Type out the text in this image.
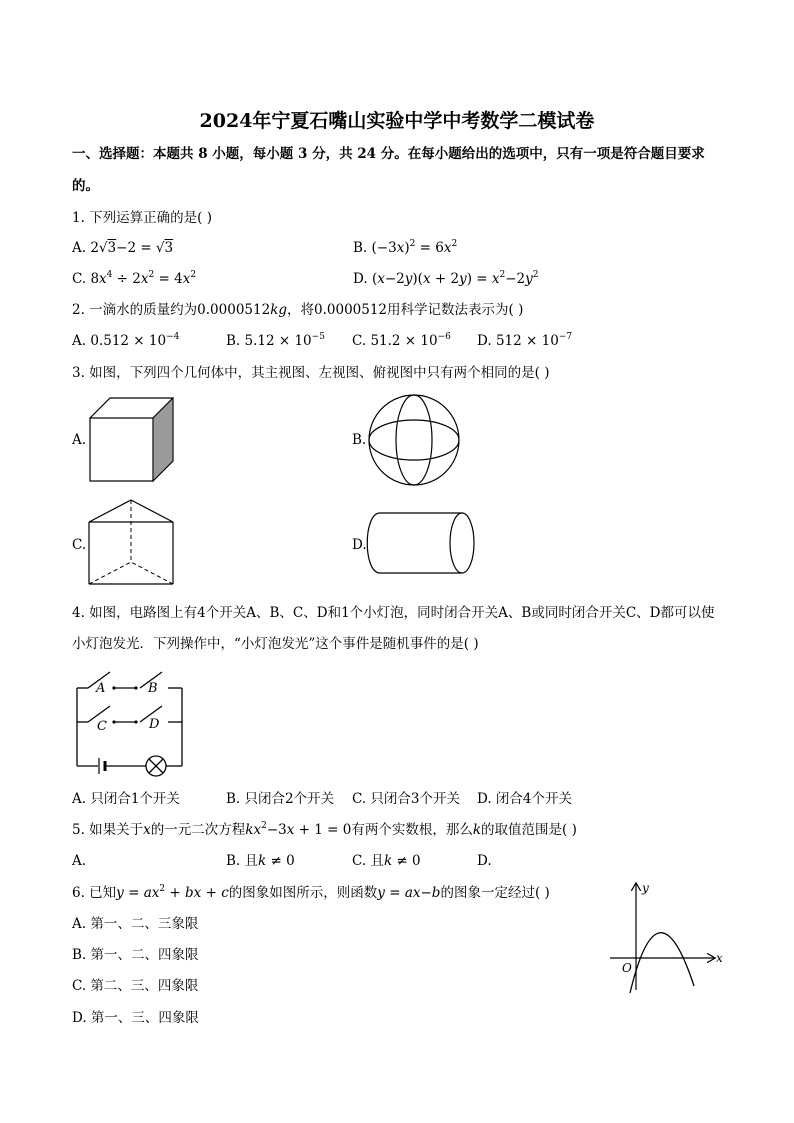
2024年宁夏石嘴山实验中学中考数学二模试卷
一、选择题：本题共 8 小题，每小题 3 分，共 24 分。在每小题给出的选项中，只有一项是符合题目要求
的。
1. 下列运算正确的是( )
A. 2√3−2 = √3	B. $(-3x)^2 = 6x^2$
C. $8x^4 \div 2x^2 = 4x^2$	D. $(x-2y)(x + 2y) = x^2-2y^2$
2. 一滴水的质量约为0.0000512kg，将0.0000512用科学记数法表示为( )
A. $0.512 \times 10^{-4}$	B. $5.12 \times 10^{-5}$ C. $51.2 \times 10^{-6}$ D. $512 \times 10^{-7}$
3. 如图，下列四个几何体中，其主视图、左视图、俯视图中只有两个相同的是( )
A.	B.
C.	D.
4. 如图，电路图上有4个开关A、B、C、D和1个小灯泡，同时闭合开关A、B或同时闭合开关C、D都可以使
小灯泡发光．下列操作中，“小灯泡发光”这个事件是随机事件的是( )
A	B
C	D
A. 只闭合1个开关	B. 只闭合2个开关 C. 只闭合3个开关 D. 闭合4个开关
5. 如果关于x的一元二次方程$kx^2-3x + 1 = 0$有两个实数根，那么k的取值范围是( )
A.	B. 且k ≠ 0	C. 且k ≠ 0	D.
6. 已知$y = ax^2$ + bx + c的图象如图所示，则函数y = ax−b的图象一定经过( )
A. 第一、二、三象限
B. 第一、二、四象限
C. 第二、三、四象限
D. 第一、三、四象限
x
y
O
